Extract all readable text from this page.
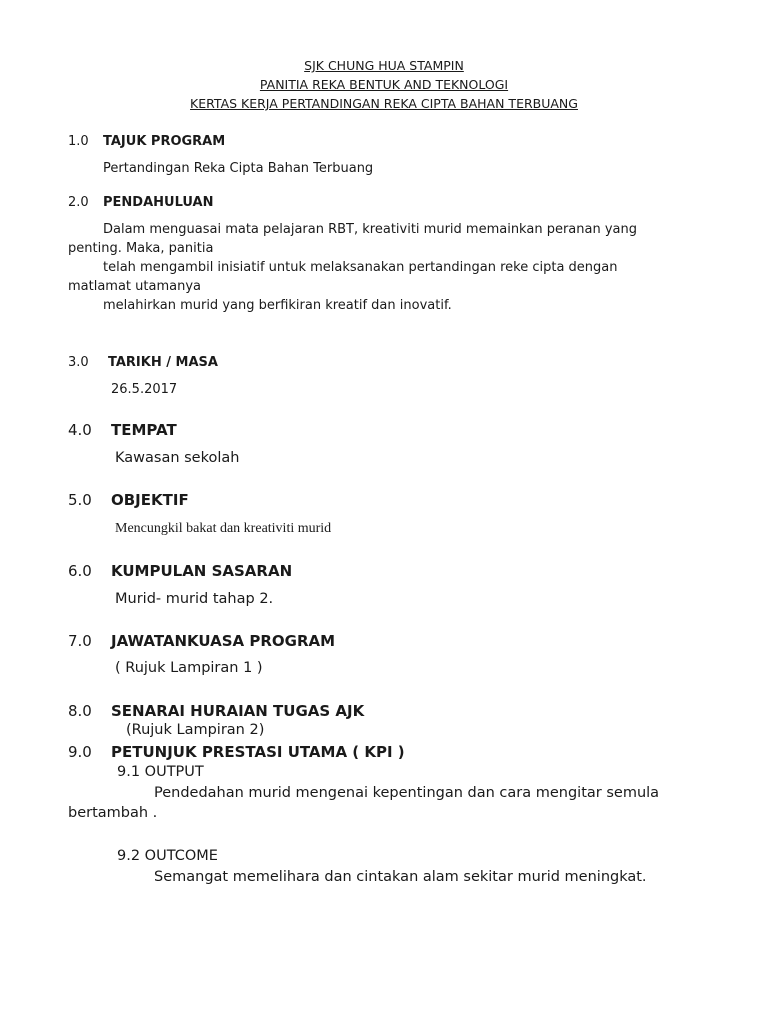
SJK CHUNG HUA STAMPIN
PANITIA REKA BENTUK AND TEKNOLOGI
KERTAS KERJA PERTANDINGAN REKA CIPTA BAHAN TERBUANG
1.0 TAJUK PROGRAM
Pertandingan Reka Cipta Bahan Terbuang
2.0 PENDAHULUAN
Dalam menguasai mata pelajaran RBT, kreativiti murid memainkan peranan yang
penting. Maka, panitia
telah mengambil inisiatif untuk melaksanakan pertandingan reke cipta dengan
matlamat utamanya
melahirkan murid yang berfikiran kreatif dan inovatif.
3.0 TARIKH / MASA
26.5.2017
4.0 TEMPAT
Kawasan sekolah
5.0 OBJEKTIF
Mencungkil bakat dan kreativiti murid
6.0 KUMPULAN SASARAN
Murid- murid tahap 2.
7.0 JAWATANKUASA PROGRAM
( Rujuk Lampiran 1 )
8.0 SENARAI HURAIAN TUGAS AJK
(Rujuk Lampiran 2)
9.0 PETUNJUK PRESTASI UTAMA ( KPI )
9.1 OUTPUT
Pendedahan murid mengenai kepentingan dan cara mengitar semula
bertambah .
9.2 OUTCOME
Semangat memelihara dan cintakan alam sekitar murid meningkat.
